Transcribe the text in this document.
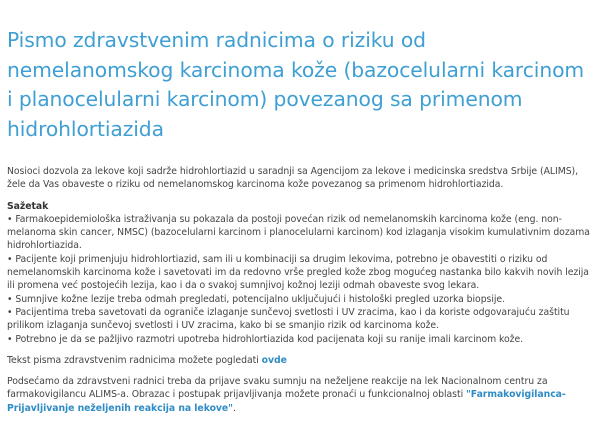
Pismo zdravstvenim radnicima o riziku od nemelanomskog karcinoma kože (bazocelularni karcinom i planocelularni karcinom) povezanog sa primenom hidrohlortiazida

Nosioci dozvola za lekove koji sadrže hidrohlortiazid u saradnji sa Agencijom za lekove i medicinska sredstva Srbije (ALIMS), žele da Vas obaveste o riziku od nemelanomskog karcinoma kože povezanog sa primenom hidrohlortiazida.

Sažetak

• Farmakoepidemiološka istraživanja su pokazala da postoji povećan rizik od nemelanomskih karcinoma kože (eng. non-melanoma skin cancer, NMSC) (bazocelularni karcinom i planocelularni karcinom) kod izlaganja visokim kumulativnim dozama hidrohlortiazida.

• Pacijente koji primenjuju hidrohlortiazid, sam ili u kombinaciji sa drugim lekovima, potrebno je obavestiti o riziku od nemelanomskih karcinoma kože i savetovati im da redovno vrše pregled kože zbog mogućeg nastanka bilo kakvih novih lezija ili promena već postojećih lezija, kao i da o svakoj sumnjivoj kožnoj leziji odmah obaveste svog lekara.

• Sumnjive kožne lezije treba odmah pregledati, potencijalno uključujući i histološki pregled uzorka biopsije.

• Pacijentima treba savetovati da ograniče izlaganje sunčevoj svetlosti i UV zracima, kao i da koriste odgovarajuću zaštitu prilikom izlaganja sunčevoj svetlosti i UV zracima, kako bi se smanjio rizik od karcinoma kože.

• Potrebno je da se pažljivo razmotri upotreba hidrohlortiazida kod pacijenata koji su ranije imali karcinom kože.

Tekst pisma zdravstvenim radnicima možete pogledati ovde

Podsećamo da zdravstveni radnici treba da prijave svaku sumnju na neželjene reakcije na lek Nacionalnom centru za farmakovigilancu ALIMS-a. Obrazac i postupak prijavljivanja možete pronaći u funkcionalnoj oblasti "Farmakovigilanca-Prijavljivanje neželjenih reakcija na lekove".
